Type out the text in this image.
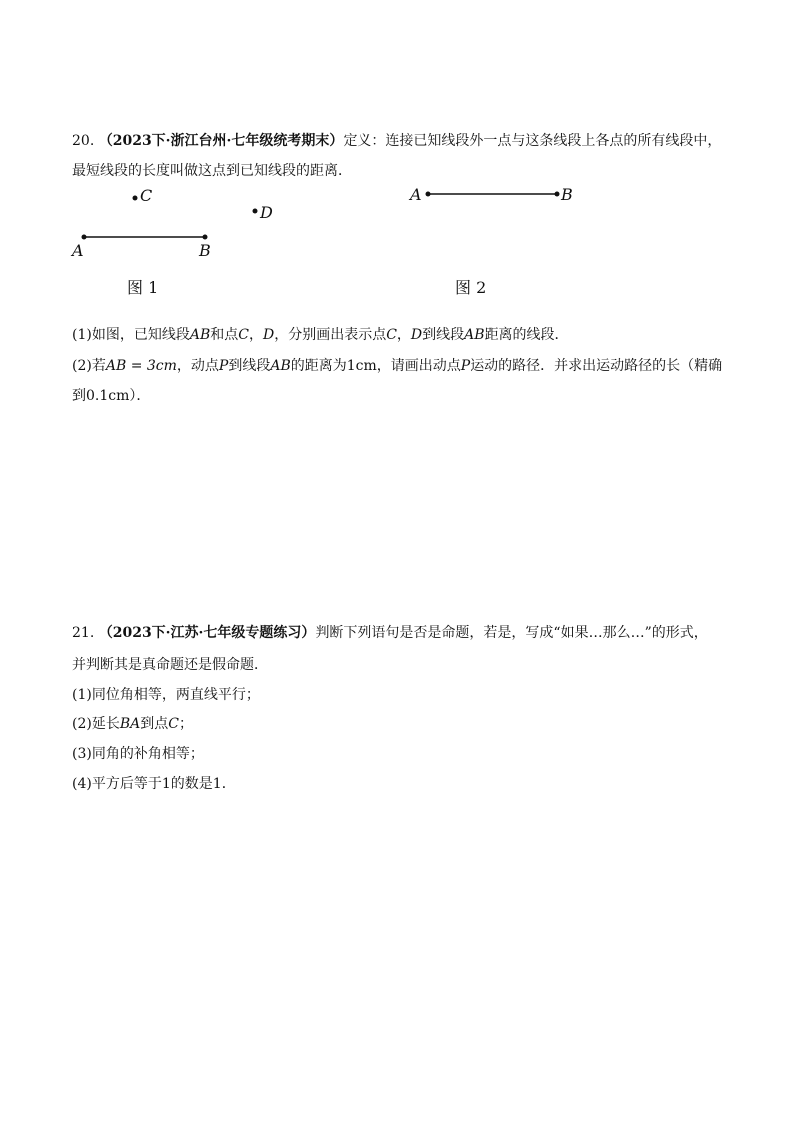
20. （2023下·浙江台州·七年级统考期末）定义：连接已知线段外一点与这条线段上各点的所有线段中，
最短线段的长度叫做这点到已知线段的距离．
A	B
C
D
图 1
A	B
图 2
(1)如图，已知线段AB和点C，D，分别画出表示点C，D到线段AB距离的线段．
(2)若AB = 3cm，动点P到线段AB的距离为1cm，请画出动点P运动的路径．并求出运动路径的长（精确
到0.1cm）．
21. （2023下·江苏·七年级专题练习）判断下列语句是否是命题，若是，写成“如果…那么…”的形式，
并判断其是真命题还是假命题．
(1)同位角相等，两直线平行；
(2)延长BA到点C；
(3)同角的补角相等；
(4)平方后等于1的数是1．
